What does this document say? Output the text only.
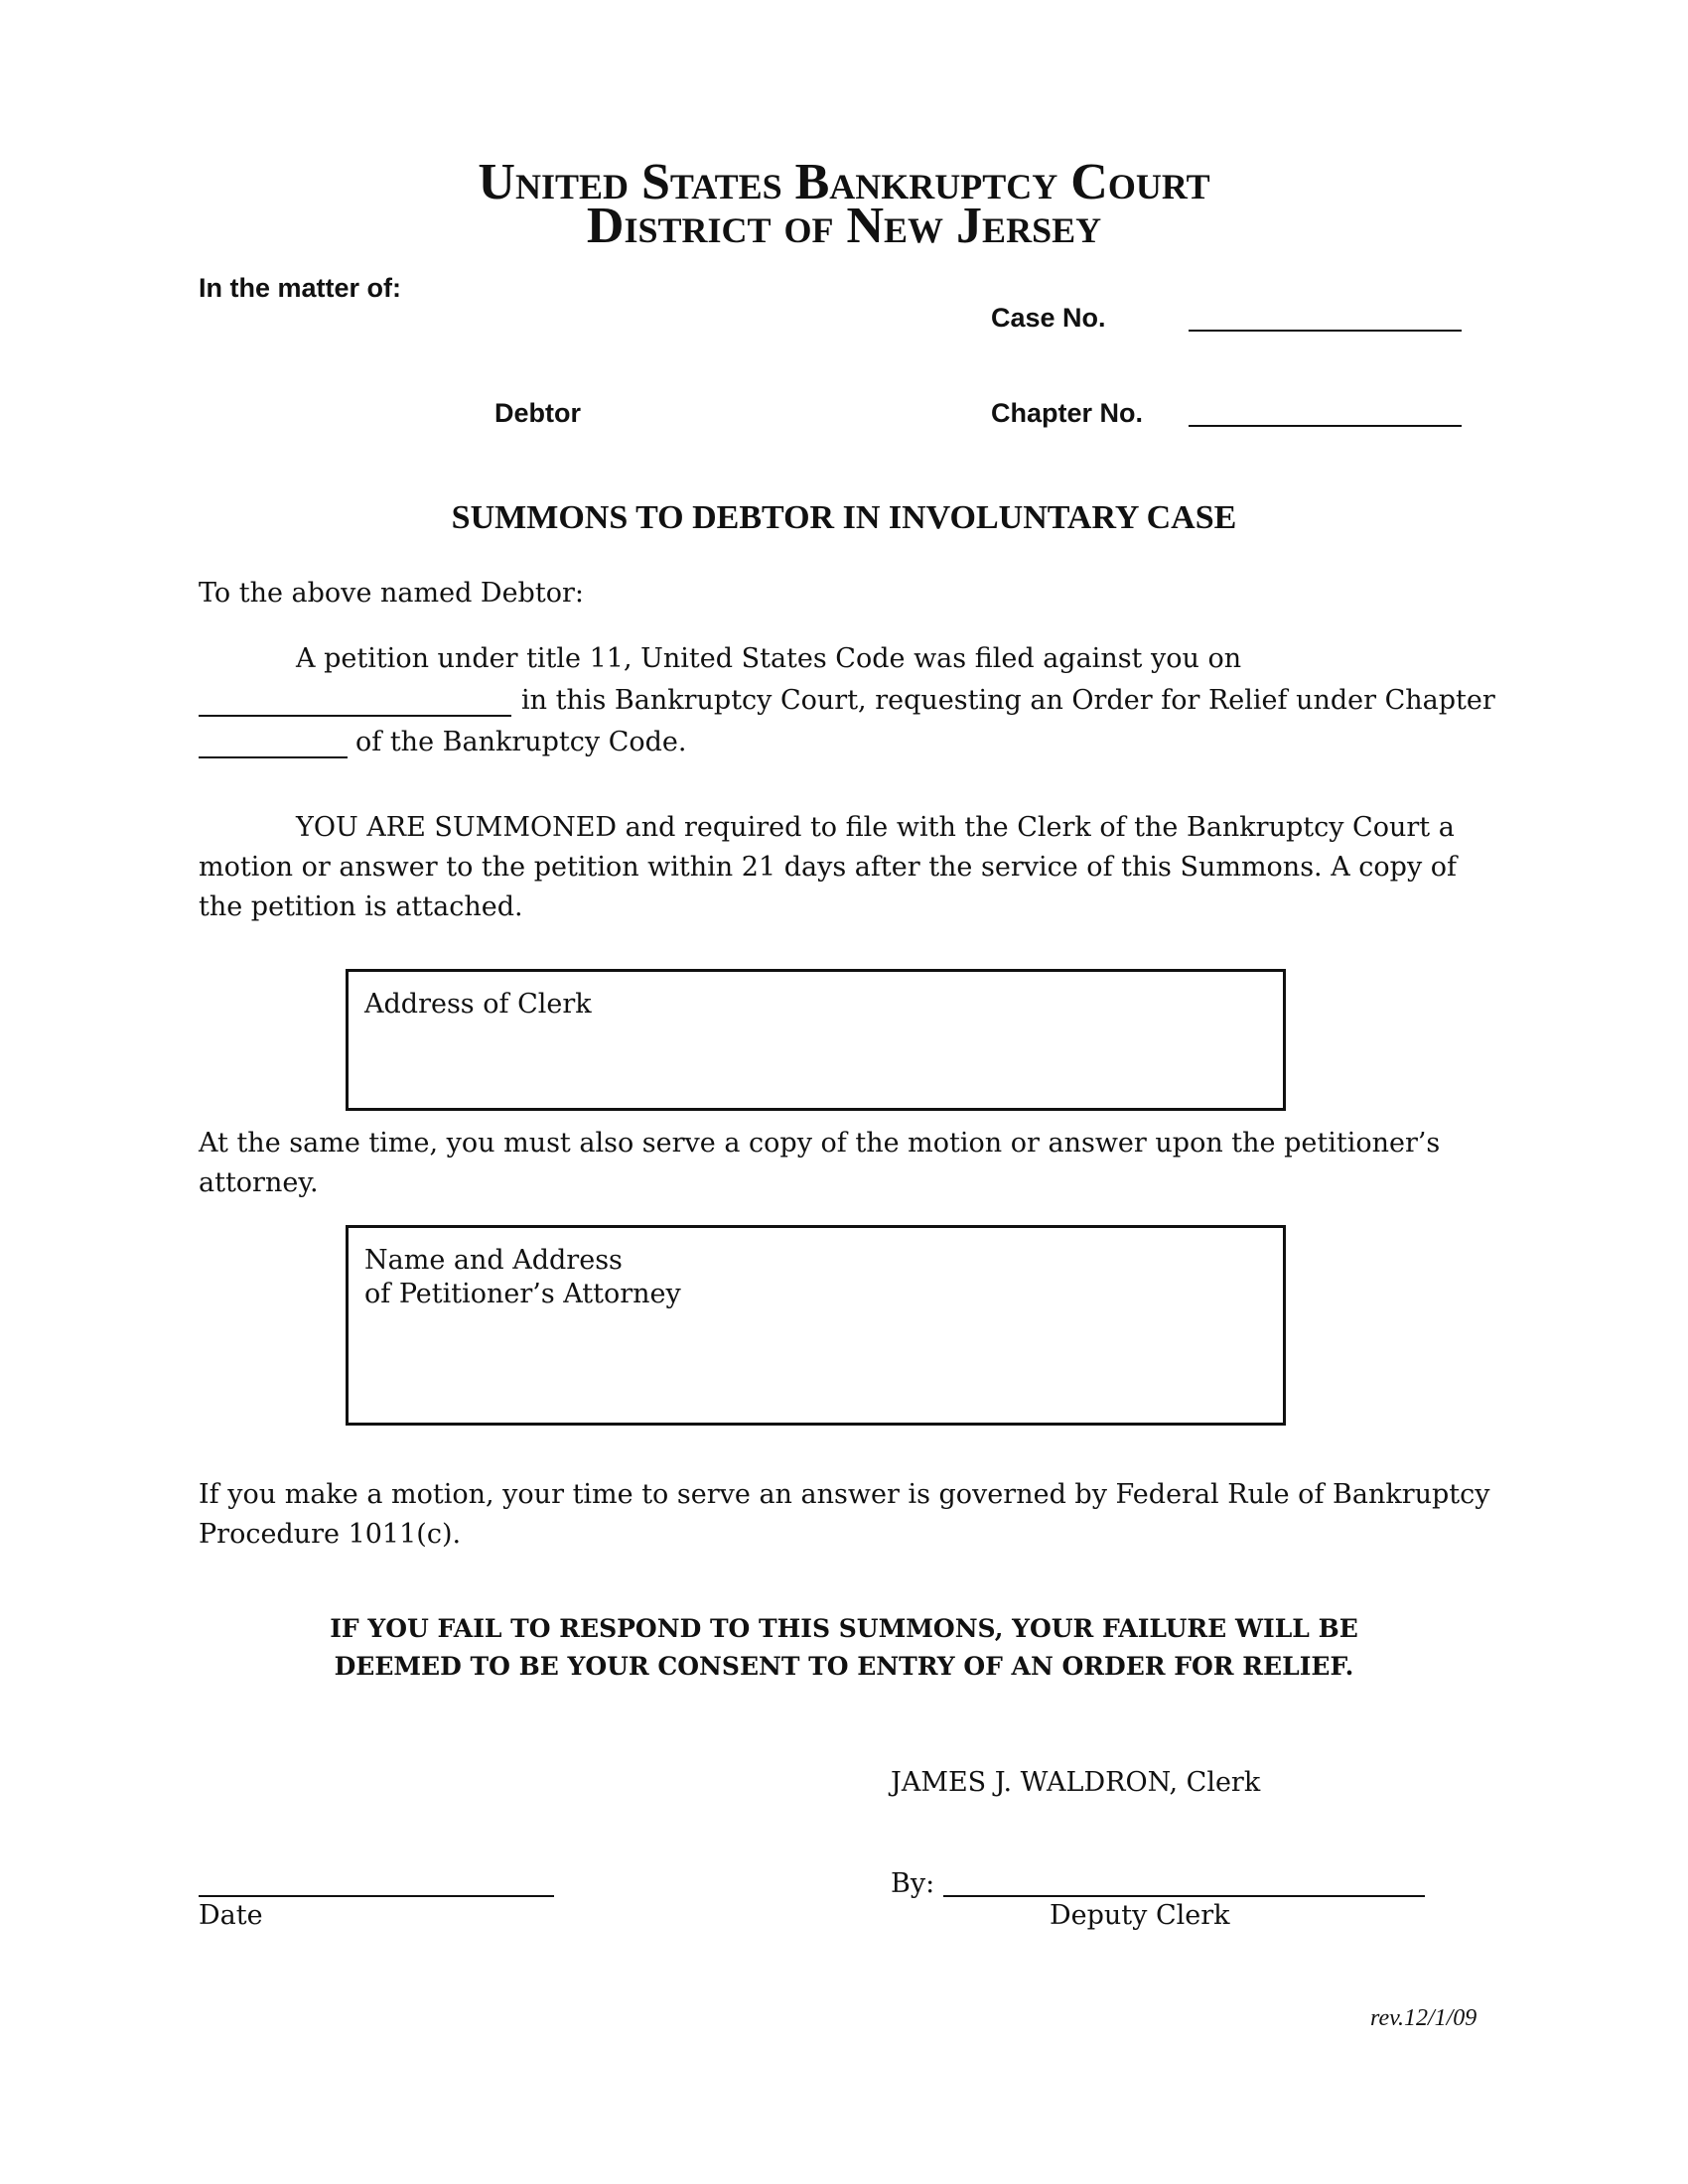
United States Bankruptcy Court
District of New Jersey
In the matter of:
Case No.
Debtor	Chapter No.
SUMMONS TO DEBTOR IN INVOLUNTARY CASE
To the above named Debtor:
A petition under title 11, United States Code was filed against you on
in this Bankruptcy Court, requesting an Order for Relief under Chapter
of the Bankruptcy Code.
YOU ARE SUMMONED and required to file with the Clerk of the Bankruptcy Court a
motion or answer to the petition within 21 days after the service of this Summons. A copy of
the petition is attached.
Address of Clerk
At the same time, you must also serve a copy of the motion or answer upon the petitioner’s
attorney.
Name and Address
of Petitioner’s Attorney
If you make a motion, your time to serve an answer is governed by Federal Rule of Bankruptcy
Procedure 1011(c).
IF YOU FAIL TO RESPOND TO THIS SUMMONS, YOUR FAILURE WILL BE
DEEMED TO BE YOUR CONSENT TO ENTRY OF AN ORDER FOR RELIEF.
JAMES J. WALDRON, Clerk
By:
Deputy Clerk
Date
rev.12/1/09
